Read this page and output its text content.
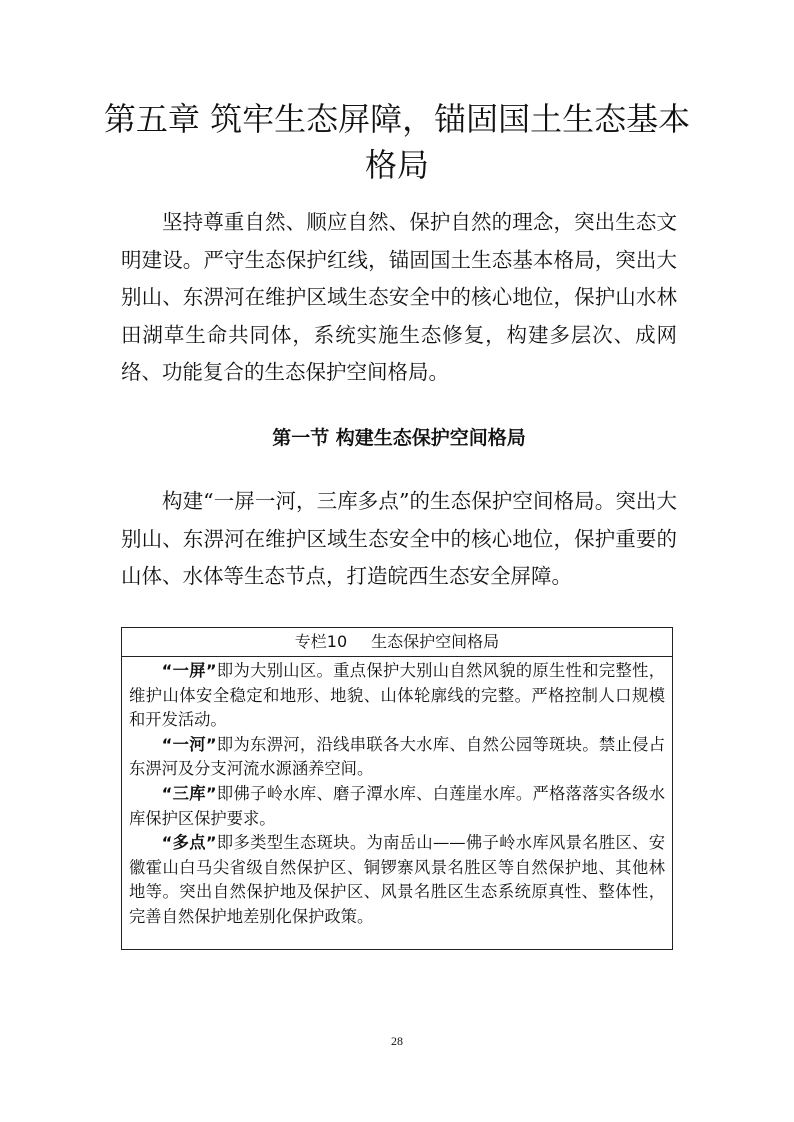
第五章 筑牢生态屏障，锚固国土生态基本
格局

坚持尊重自然、顺应自然、保护自然的理念，突出生态文明建设。严守生态保护红线，锚固国土生态基本格局，突出大别山、东淠河在维护区域生态安全中的核心地位，保护山水林田湖草生命共同体，系统实施生态修复，构建多层次、成网络、功能复合的生态保护空间格局。

第一节 构建生态保护空间格局

构建“一屏一河，三库多点”的生态保护空间格局。突出大别山、东淠河在维护区域生态安全中的核心地位，保护重要的山体、水体等生态节点，打造皖西生态安全屏障。

专栏10 生态保护空间格局

“一屏”即为大别山区。重点保护大别山自然风貌的原生性和完整性，维护山体安全稳定和地形、地貌、山体轮廓线的完整。严格控制人口规模和开发活动。

“一河”即为东淠河，沿线串联各大水库、自然公园等斑块。禁止侵占东淠河及分支河流水源涵养空间。

“三库”即佛子岭水库、磨子潭水库、白莲崖水库。严格落落实各级水库保护区保护要求。

“多点”即多类型生态斑块。为南岳山——佛子岭水库风景名胜区、安徽霍山白马尖省级自然保护区、铜锣寨风景名胜区等自然保护地、其他林地等。突出自然保护地及保护区、风景名胜区生态系统原真性、整体性，完善自然保护地差别化保护政策。

28
